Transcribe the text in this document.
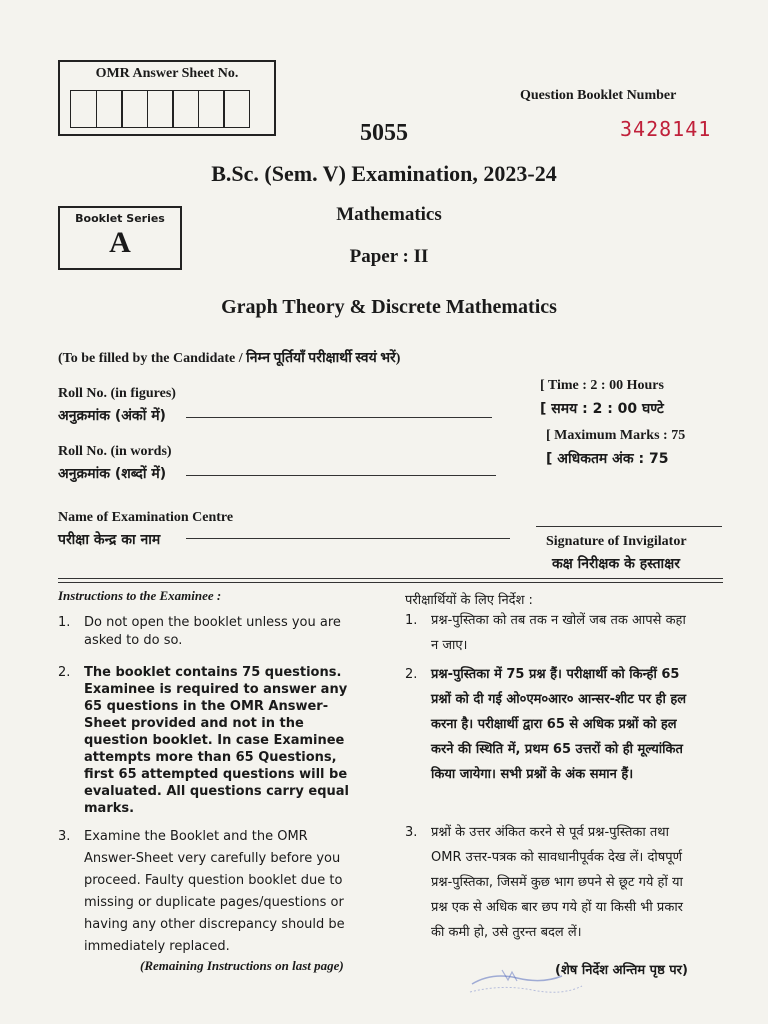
OMR Answer Sheet No.
Question Booklet Number
3428141
5055
B.Sc. (Sem. V) Examination, 2023-24
Mathematics
Paper : II
Graph Theory & Discrete Mathematics
Booklet Series
A
(To be filled by the Candidate / निम्न पूर्तियाँ परीक्षार्थी स्वयं भरें)
Roll No. (in figures)
अनुक्रमांक (अंकों में)
Roll No. (in words)
अनुक्रमांक (शब्दों में)
Name of Examination Centre
परीक्षा केन्द्र का नाम
[ Time : 2 : 00 Hours
[ समय : 2 : 00 घण्टे
[ Maximum Marks : 75
[ अधिकतम अंक : 75
Signature of Invigilator
कक्ष निरीक्षक के हस्ताक्षर
Instructions to the Examinee :	परीक्षार्थियों के लिए निर्देश :
1. Do not open the booklet unless you are
asked to do so.
2. The booklet contains 75 questions.
Examinee is required to answer any
65 questions in the OMR Answer-
Sheet provided and not in the
question booklet. In case Examinee
attempts more than 65 Questions,
first 65 attempted questions will be
evaluated. All questions carry equal
marks.
3. Examine the Booklet and the OMR
Answer-Sheet very carefully before you
proceed. Faulty question booklet due to
missing or duplicate pages/questions or
having any other discrepancy should be
immediately replaced.
1. प्रश्न-पुस्तिका को तब तक न खोलें जब तक आपसे कहा
न जाए।
2. प्रश्न-पुस्तिका में 75 प्रश्न हैं। परीक्षार्थी को किन्हीं 65
प्रश्नों को दी गई ओ०एम०आर० आन्सर-शीट पर ही हल
करना है। परीक्षार्थी द्वारा 65 से अधिक प्रश्नों को हल
करने की स्थिति में, प्रथम 65 उत्तरों को ही मूल्यांकित
किया जायेगा। सभी प्रश्नों के अंक समान हैं।
3. प्रश्नों के उत्तर अंकित करने से पूर्व प्रश्न-पुस्तिका तथा
OMR उत्तर-पत्रक को सावधानीपूर्वक देख लें। दोषपूर्ण
प्रश्न-पुस्तिका, जिसमें कुछ भाग छपने से छूट गये हों या
प्रश्न एक से अधिक बार छप गये हों या किसी भी प्रकार
की कमी हो, उसे तुरन्त बदल लें।
(Remaining Instructions on last page)	(शेष निर्देश अन्तिम पृष्ठ पर)
